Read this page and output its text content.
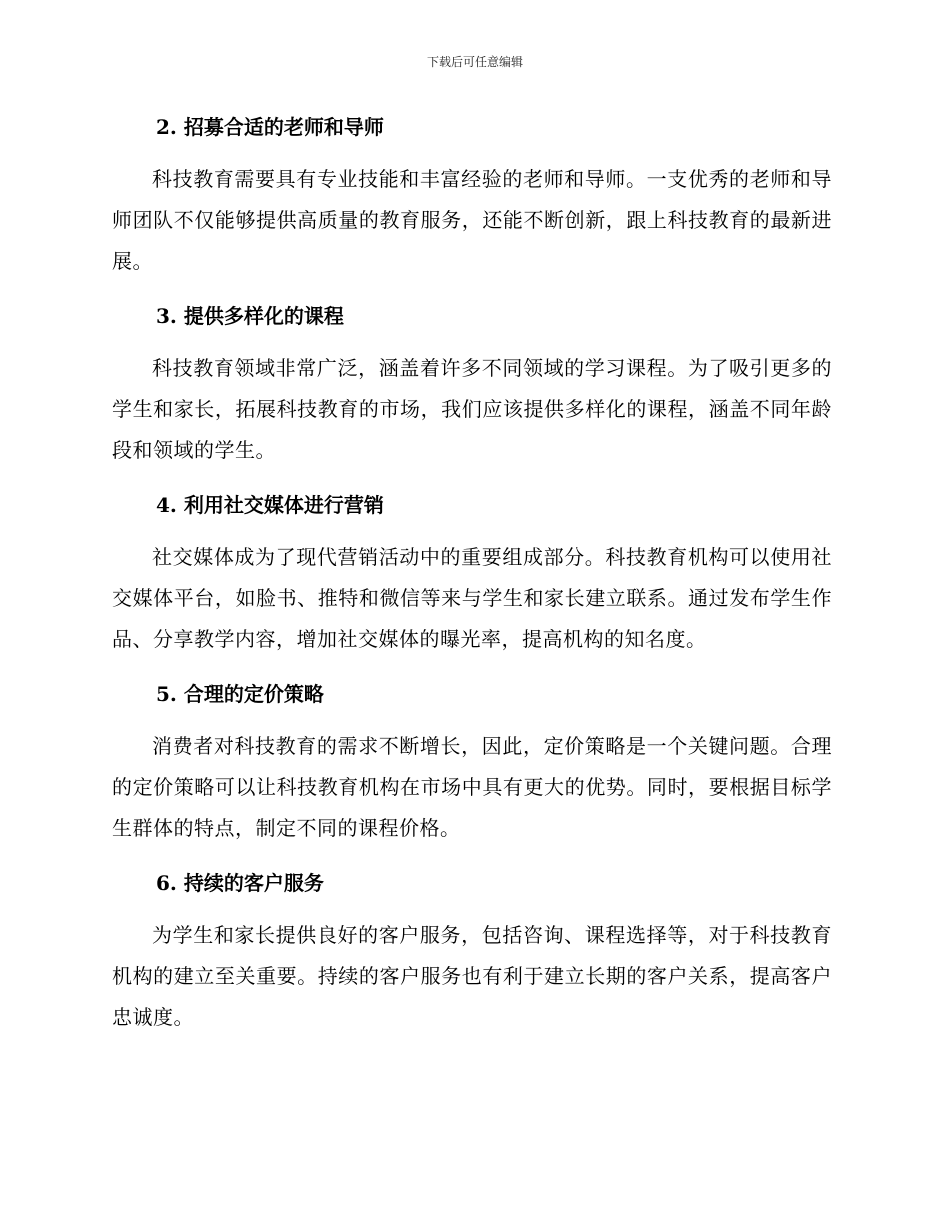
下载后可任意编辑
2. 招募合适的老师和导师

科技教育需要具有专业技能和丰富经验的老师和导师。一支优秀的老师和导师团队不仅能够提供高质量的教育服务，还能不断创新，跟上科技教育的最新进展。

3. 提供多样化的课程

科技教育领域非常广泛，涵盖着许多不同领域的学习课程。为了吸引更多的学生和家长，拓展科技教育的市场，我们应该提供多样化的课程，涵盖不同年龄段和领域的学生。

4. 利用社交媒体进行营销

社交媒体成为了现代营销活动中的重要组成部分。科技教育机构可以使用社交媒体平台，如脸书、推特和微信等来与学生和家长建立联系。通过发布学生作品、分享教学内容，增加社交媒体的曝光率，提高机构的知名度。

5. 合理的定价策略

消费者对科技教育的需求不断增长，因此，定价策略是一个关键问题。合理的定价策略可以让科技教育机构在市场中具有更大的优势。同时，要根据目标学生群体的特点，制定不同的课程价格。

6. 持续的客户服务

为学生和家长提供良好的客户服务，包括咨询、课程选择等，对于科技教育机构的建立至关重要。持续的客户服务也有利于建立长期的客户关系，提高客户忠诚度。
